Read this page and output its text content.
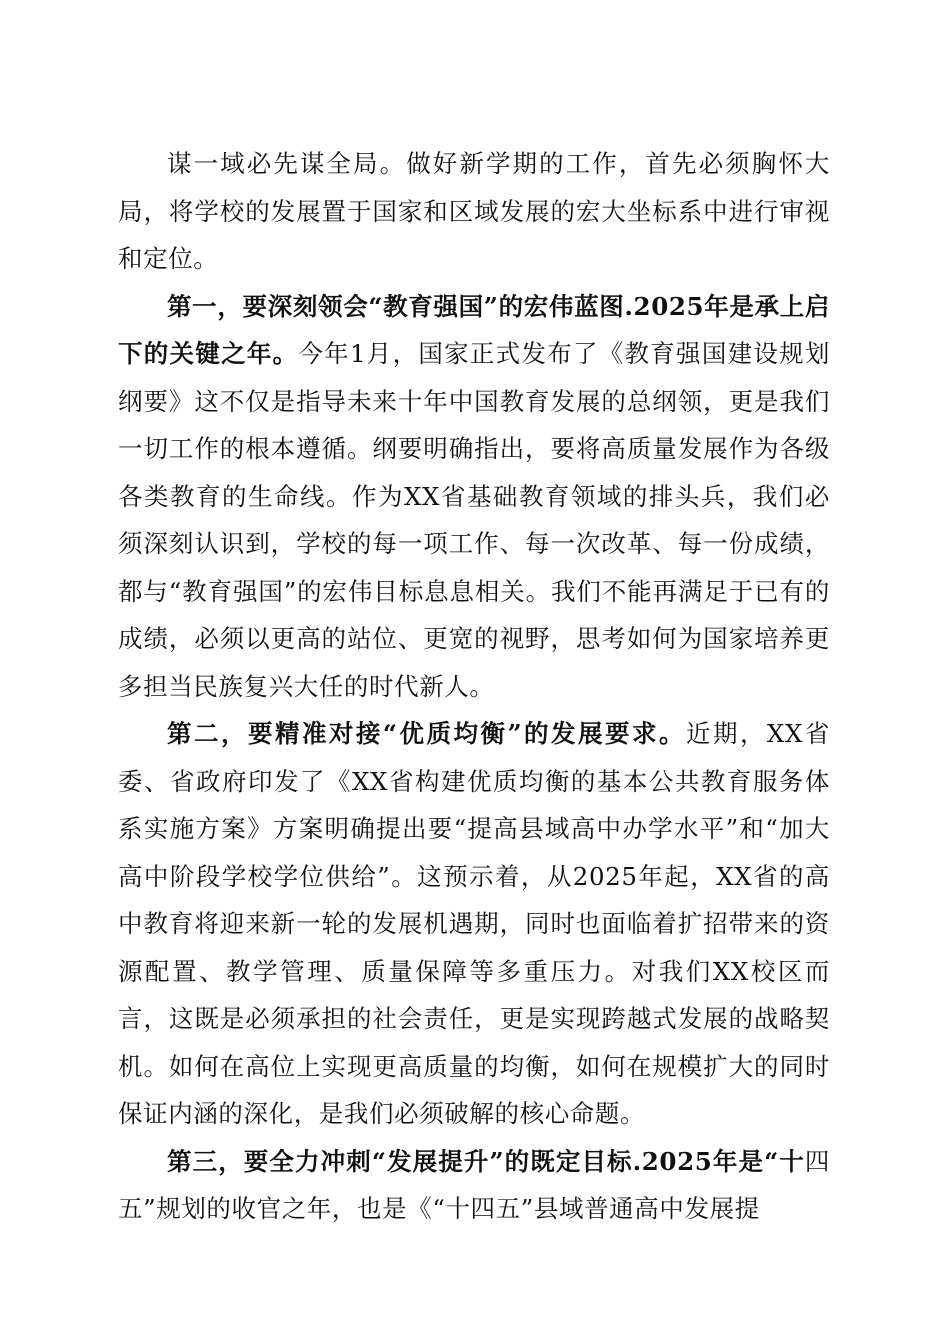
谋一域必先谋全局。做好新学期的工作，首先必须胸怀大局，将学校的发展置于国家和区域发展的宏大坐标系中进行审视和定位。

第一，要深刻领会“教育强国”的宏伟蓝图.2025年是承上启下的关键之年。今年1月，国家正式发布了《教育强国建设规划纲要》这不仅是指导未来十年中国教育发展的总纲领，更是我们一切工作的根本遵循。纲要明确指出，要将高质量发展作为各级各类教育的生命线。作为XX省基础教育领域的排头兵，我们必须深刻认识到，学校的每一项工作、每一次改革、每一份成绩，都与“教育强国”的宏伟目标息息相关。我们不能再满足于已有的成绩，必须以更高的站位、更宽的视野，思考如何为国家培养更多担当民族复兴大任的时代新人。

第二，要精准对接“优质均衡”的发展要求。近期，XX省委、省政府印发了《XX省构建优质均衡的基本公共教育服务体系实施方案》方案明确提出要“提高县域高中办学水平”和“加大高中阶段学校学位供给”。这预示着，从2025年起，XX省的高中教育将迎来新一轮的发展机遇期，同时也面临着扩招带来的资源配置、教学管理、质量保障等多重压力。对我们XX校区而言，这既是必须承担的社会责任，更是实现跨越式发展的战略契机。如何在高位上实现更高质量的均衡，如何在规模扩大的同时保证内涵的深化，是我们必须破解的核心命题。

第三，要全力冲刺“发展提升”的既定目标.2025年是“十四五”规划的收官之年，也是《“十四五”县域普通高中发展提
